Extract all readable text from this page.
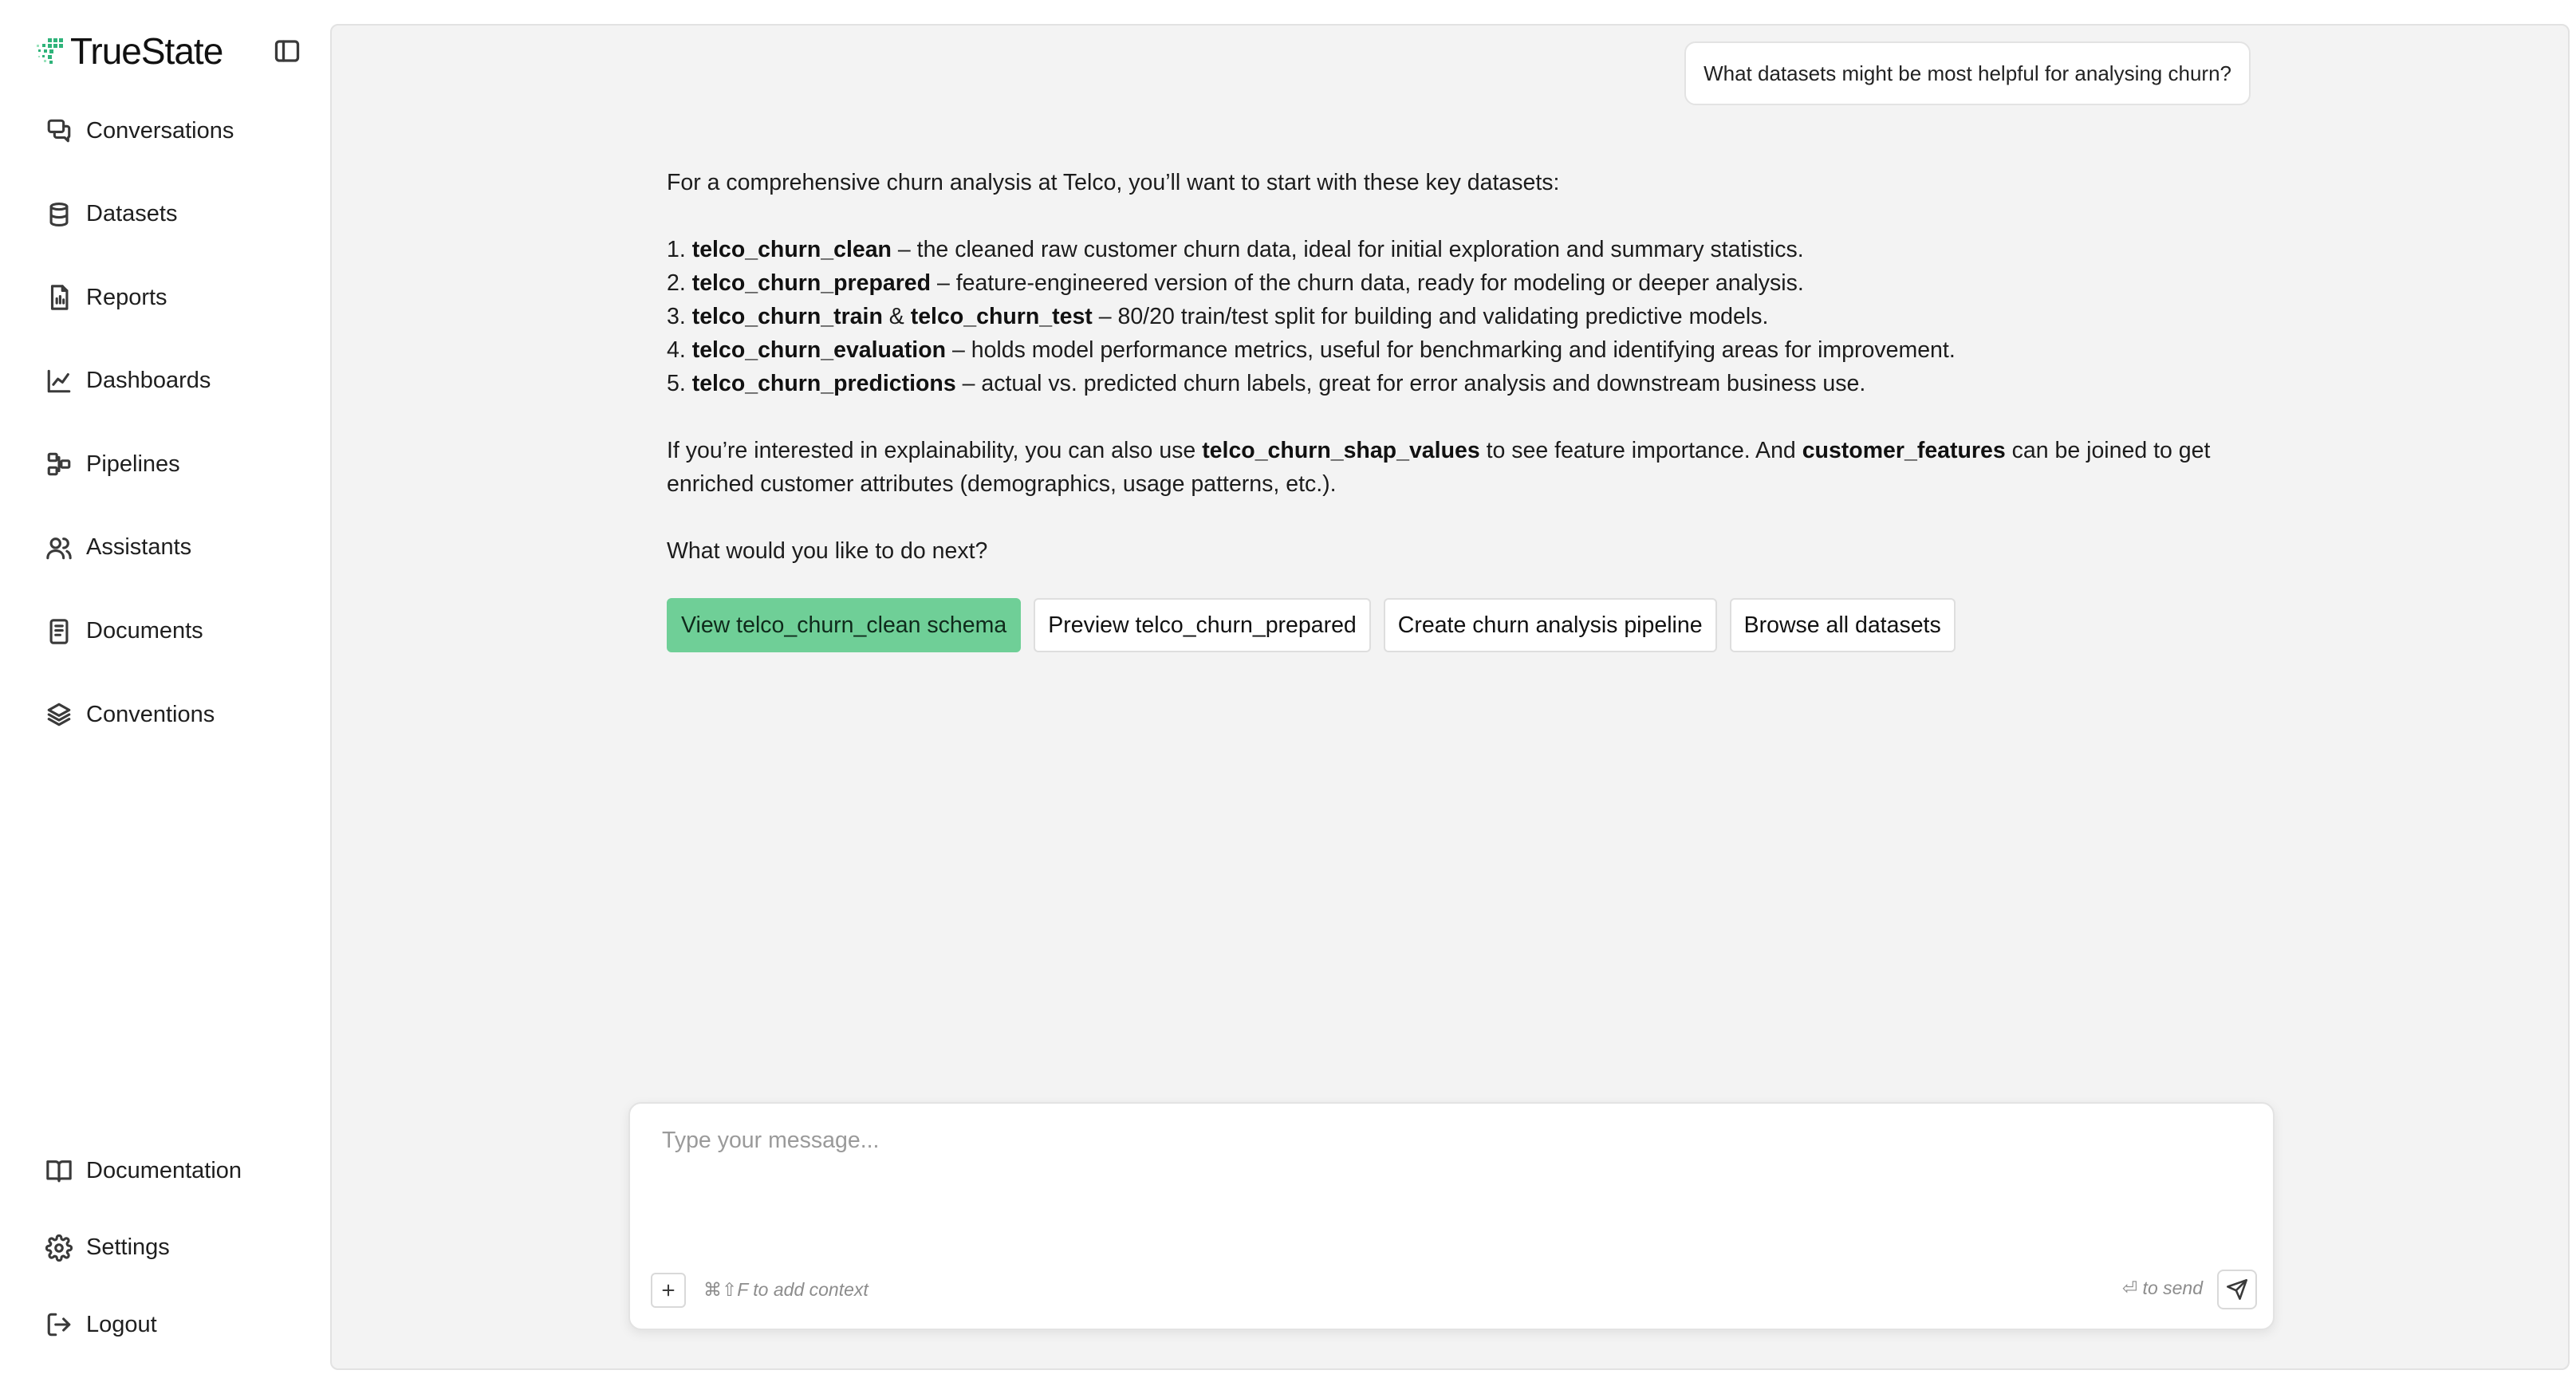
TrueState
Conversations
Datasets
Reports
Dashboards
Pipelines
Assistants
Documents
Conventions
Documentation
Settings
Logout
What datasets might be most helpful for analysing churn?

For a comprehensive churn analysis at Telco, you’ll want to start with these key datasets:

1. telco_churn_clean – the cleaned raw customer churn data, ideal for initial exploration and summary statistics.

2. telco_churn_prepared – feature-engineered version of the churn data, ready for modeling or deeper analysis.

3. telco_churn_train & telco_churn_test – 80/20 train/test split for building and validating predictive models.

4. telco_churn_evaluation – holds model performance metrics, useful for benchmarking and identifying areas for improvement.

5. telco_churn_predictions – actual vs. predicted churn labels, great for error analysis and downstream business use.

If you’re interested in explainability, you can also use telco_churn_shap_values to see feature importance. And customer_features can be joined to get enriched customer attributes (demographics, usage patterns, etc.).

What would you like to do next?

View telco_churn_clean schema	Preview telco_churn_prepared	Create churn analysis pipeline	Browse all datasets
Type your message...
⌘⇧F to add context	⏎ to send
